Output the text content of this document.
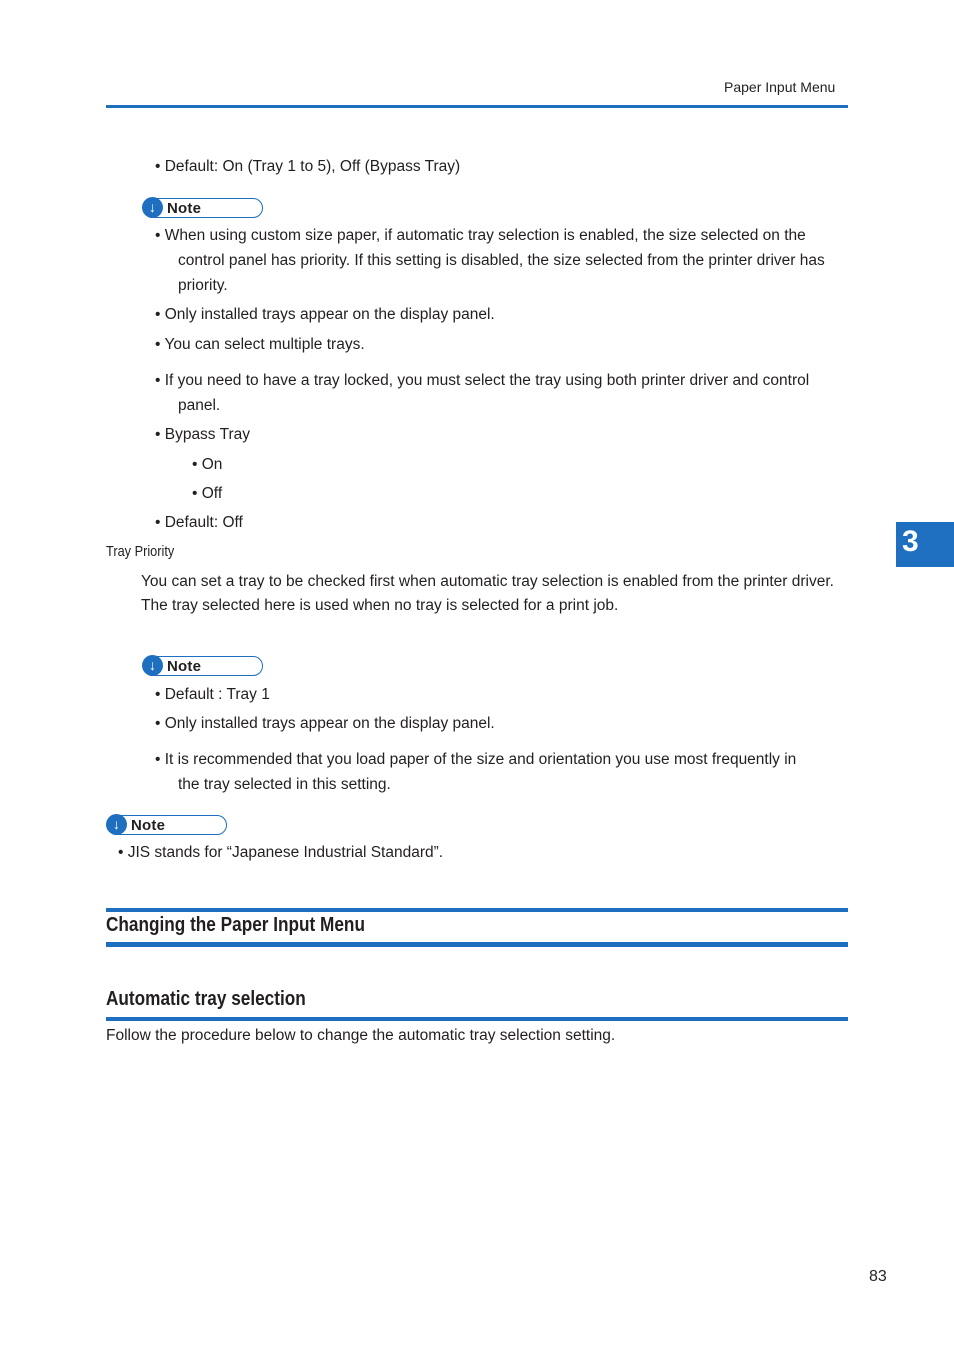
Paper Input Menu
• Default: On (Tray 1 to 5), Off (Bypass Tray)
↓ Note
• When using custom size paper, if automatic tray selection is enabled, the size selected on the
control panel has priority. If this setting is disabled, the size selected from the printer driver has
priority.
• Only installed trays appear on the display panel.
• You can select multiple trays.
• If you need to have a tray locked, you must select the tray using both printer driver and control
panel.
• Bypass Tray
• On
• Off
• Default: Off
Tray Priority
You can set a tray to be checked first when automatic tray selection is enabled from the printer driver.
The tray selected here is used when no tray is selected for a print job.
↓ Note
• Default : Tray 1
• Only installed trays appear on the display panel.
• It is recommended that you load paper of the size and orientation you use most frequently in
the tray selected in this setting.
↓ Note
• JIS stands for “Japanese Industrial Standard”.
Changing the Paper Input Menu
Automatic tray selection
Follow the procedure below to change the automatic tray selection setting.
3
83
